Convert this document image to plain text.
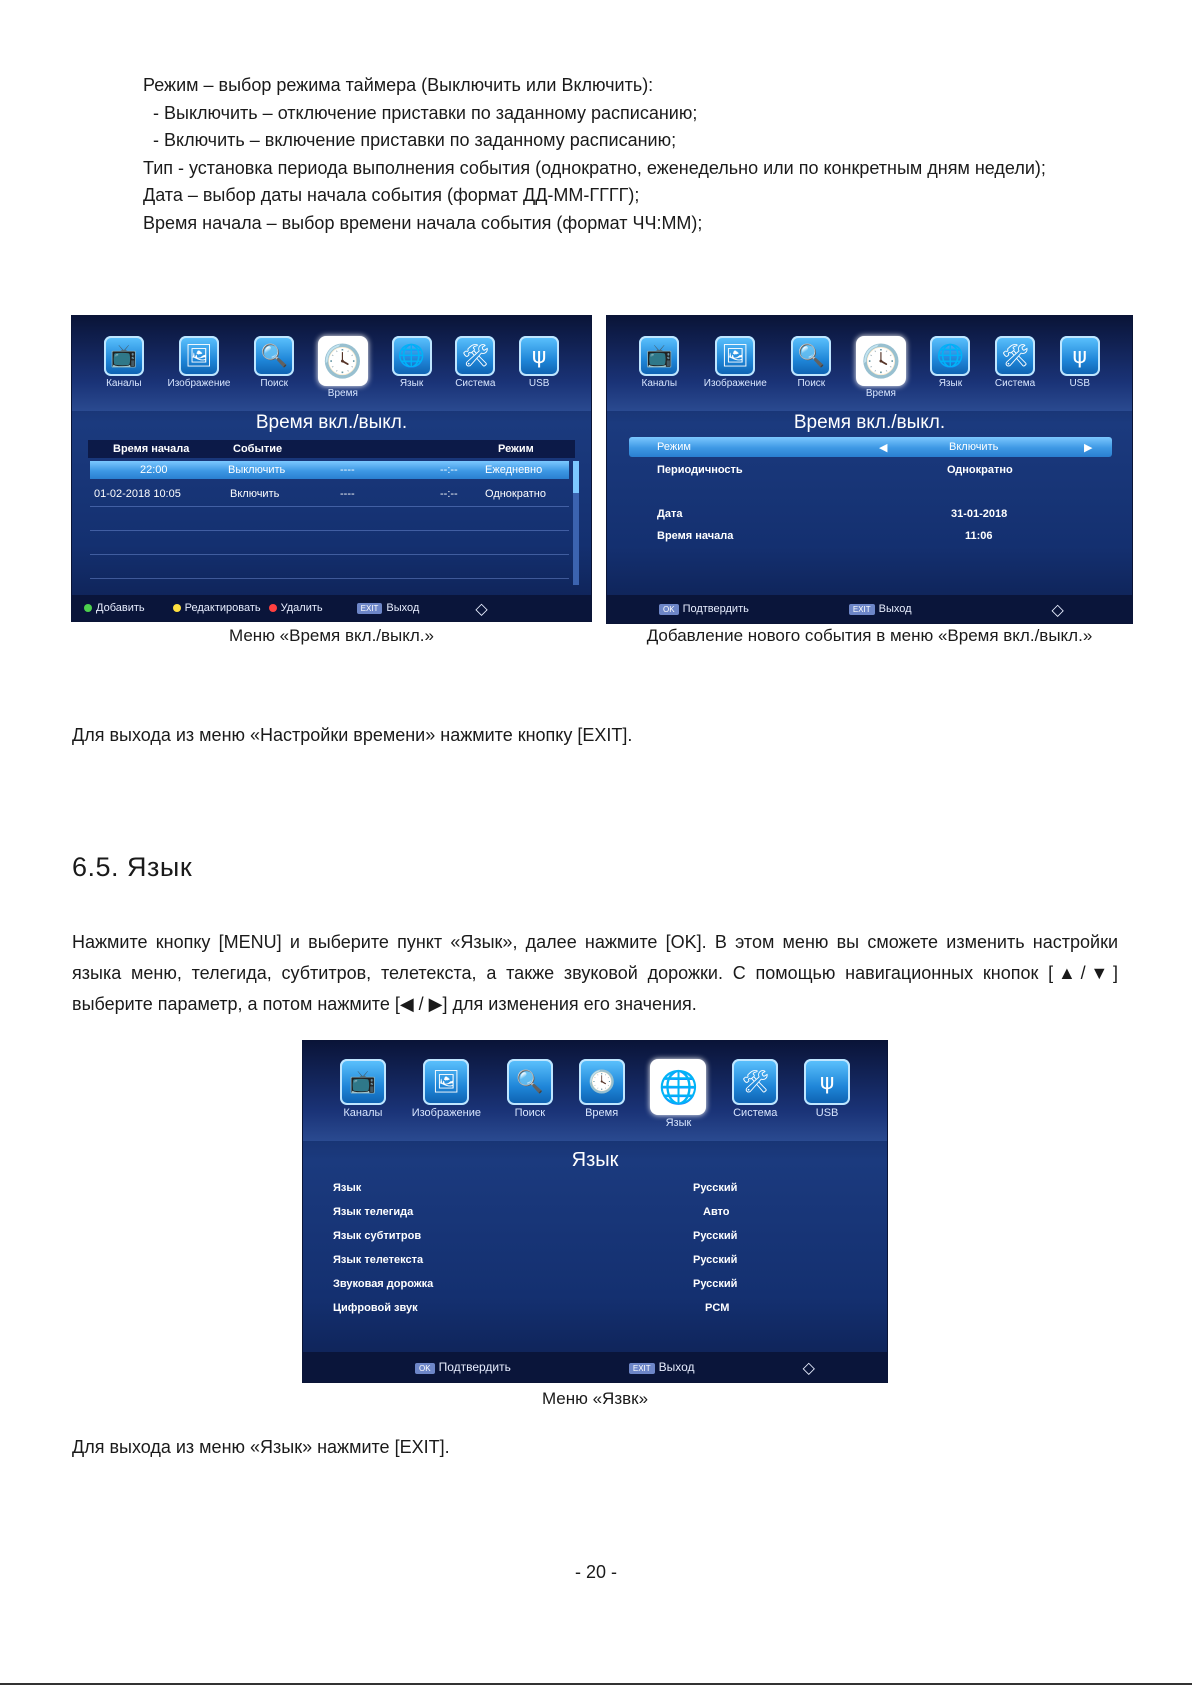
Режим – выбор режима таймера (Выключить или Включить):
- Выключить – отключение приставки по заданному расписанию;
- Включить – включение приставки по заданному расписанию;
Тип - установка периода выполнения события (однократно, еженедельно или по конкретным дням недели);
Дата – выбор даты начала события (формат ДД-ММ-ГГГГ);
Время начала – выбор времени начала события (формат ЧЧ:ММ);
📺
Каналы
🖼
Изображение
🔍
Поиск
🕓
Время
🌐
Язык
🛠
Система
ψ
USB
Время вкл./выкл.
Время начала	Событие	Режим
22:00	Выключить	----	--:-- Ежедневно
01-02-2018 10:05	Включить	----	--:-- Однократно
Добавить	Редактировать	Удалить	EXIT Выход	◇
Меню «Время вкл./выкл.»
📺
Каналы
🖼
Изображение
🔍
Поиск
🕓
Время
🌐
Язык
🛠
Система
ψ
USB
Время вкл./выкл.
Режим	◀	Включить	▶
Периодичность	Однократно
Дата	31-01-2018
Время начала	11:06
OK Подтвердить	EXIT Выход	◇
Добавление нового события в меню «Время вкл./выкл.»
Для выхода из меню «Настройки времени» нажмите кнопку [EXIT].
6.5. Язык
Нажмите кнопку [MENU] и выберите пункт «Язык», далее нажмите [OK]. В этом меню вы сможете изменить настройки языка меню, телегида, субтитров, телетекста, а также звуковой дорожки. С помощью навигационных кнопок [▲/▼] выберите параметр, а потом нажмите [◀ / ▶] для изменения его значения.
📺
Каналы
🖼
Изображение
🔍
Поиск
🕓
Время
🌐
Язык
🛠
Система
ψ
USB
Язык
Язык	Русский
Язык телегида	Авто
Язык субтитров	Русский
Язык телетекста	Русский
Звуковая дорожка	Русский
Цифровой звук	PCM
OK Подтвердить	EXIT Выход	◇
Меню «Язвк»
Для выхода из меню «Язык» нажмите [EXIT].
- 20 -
